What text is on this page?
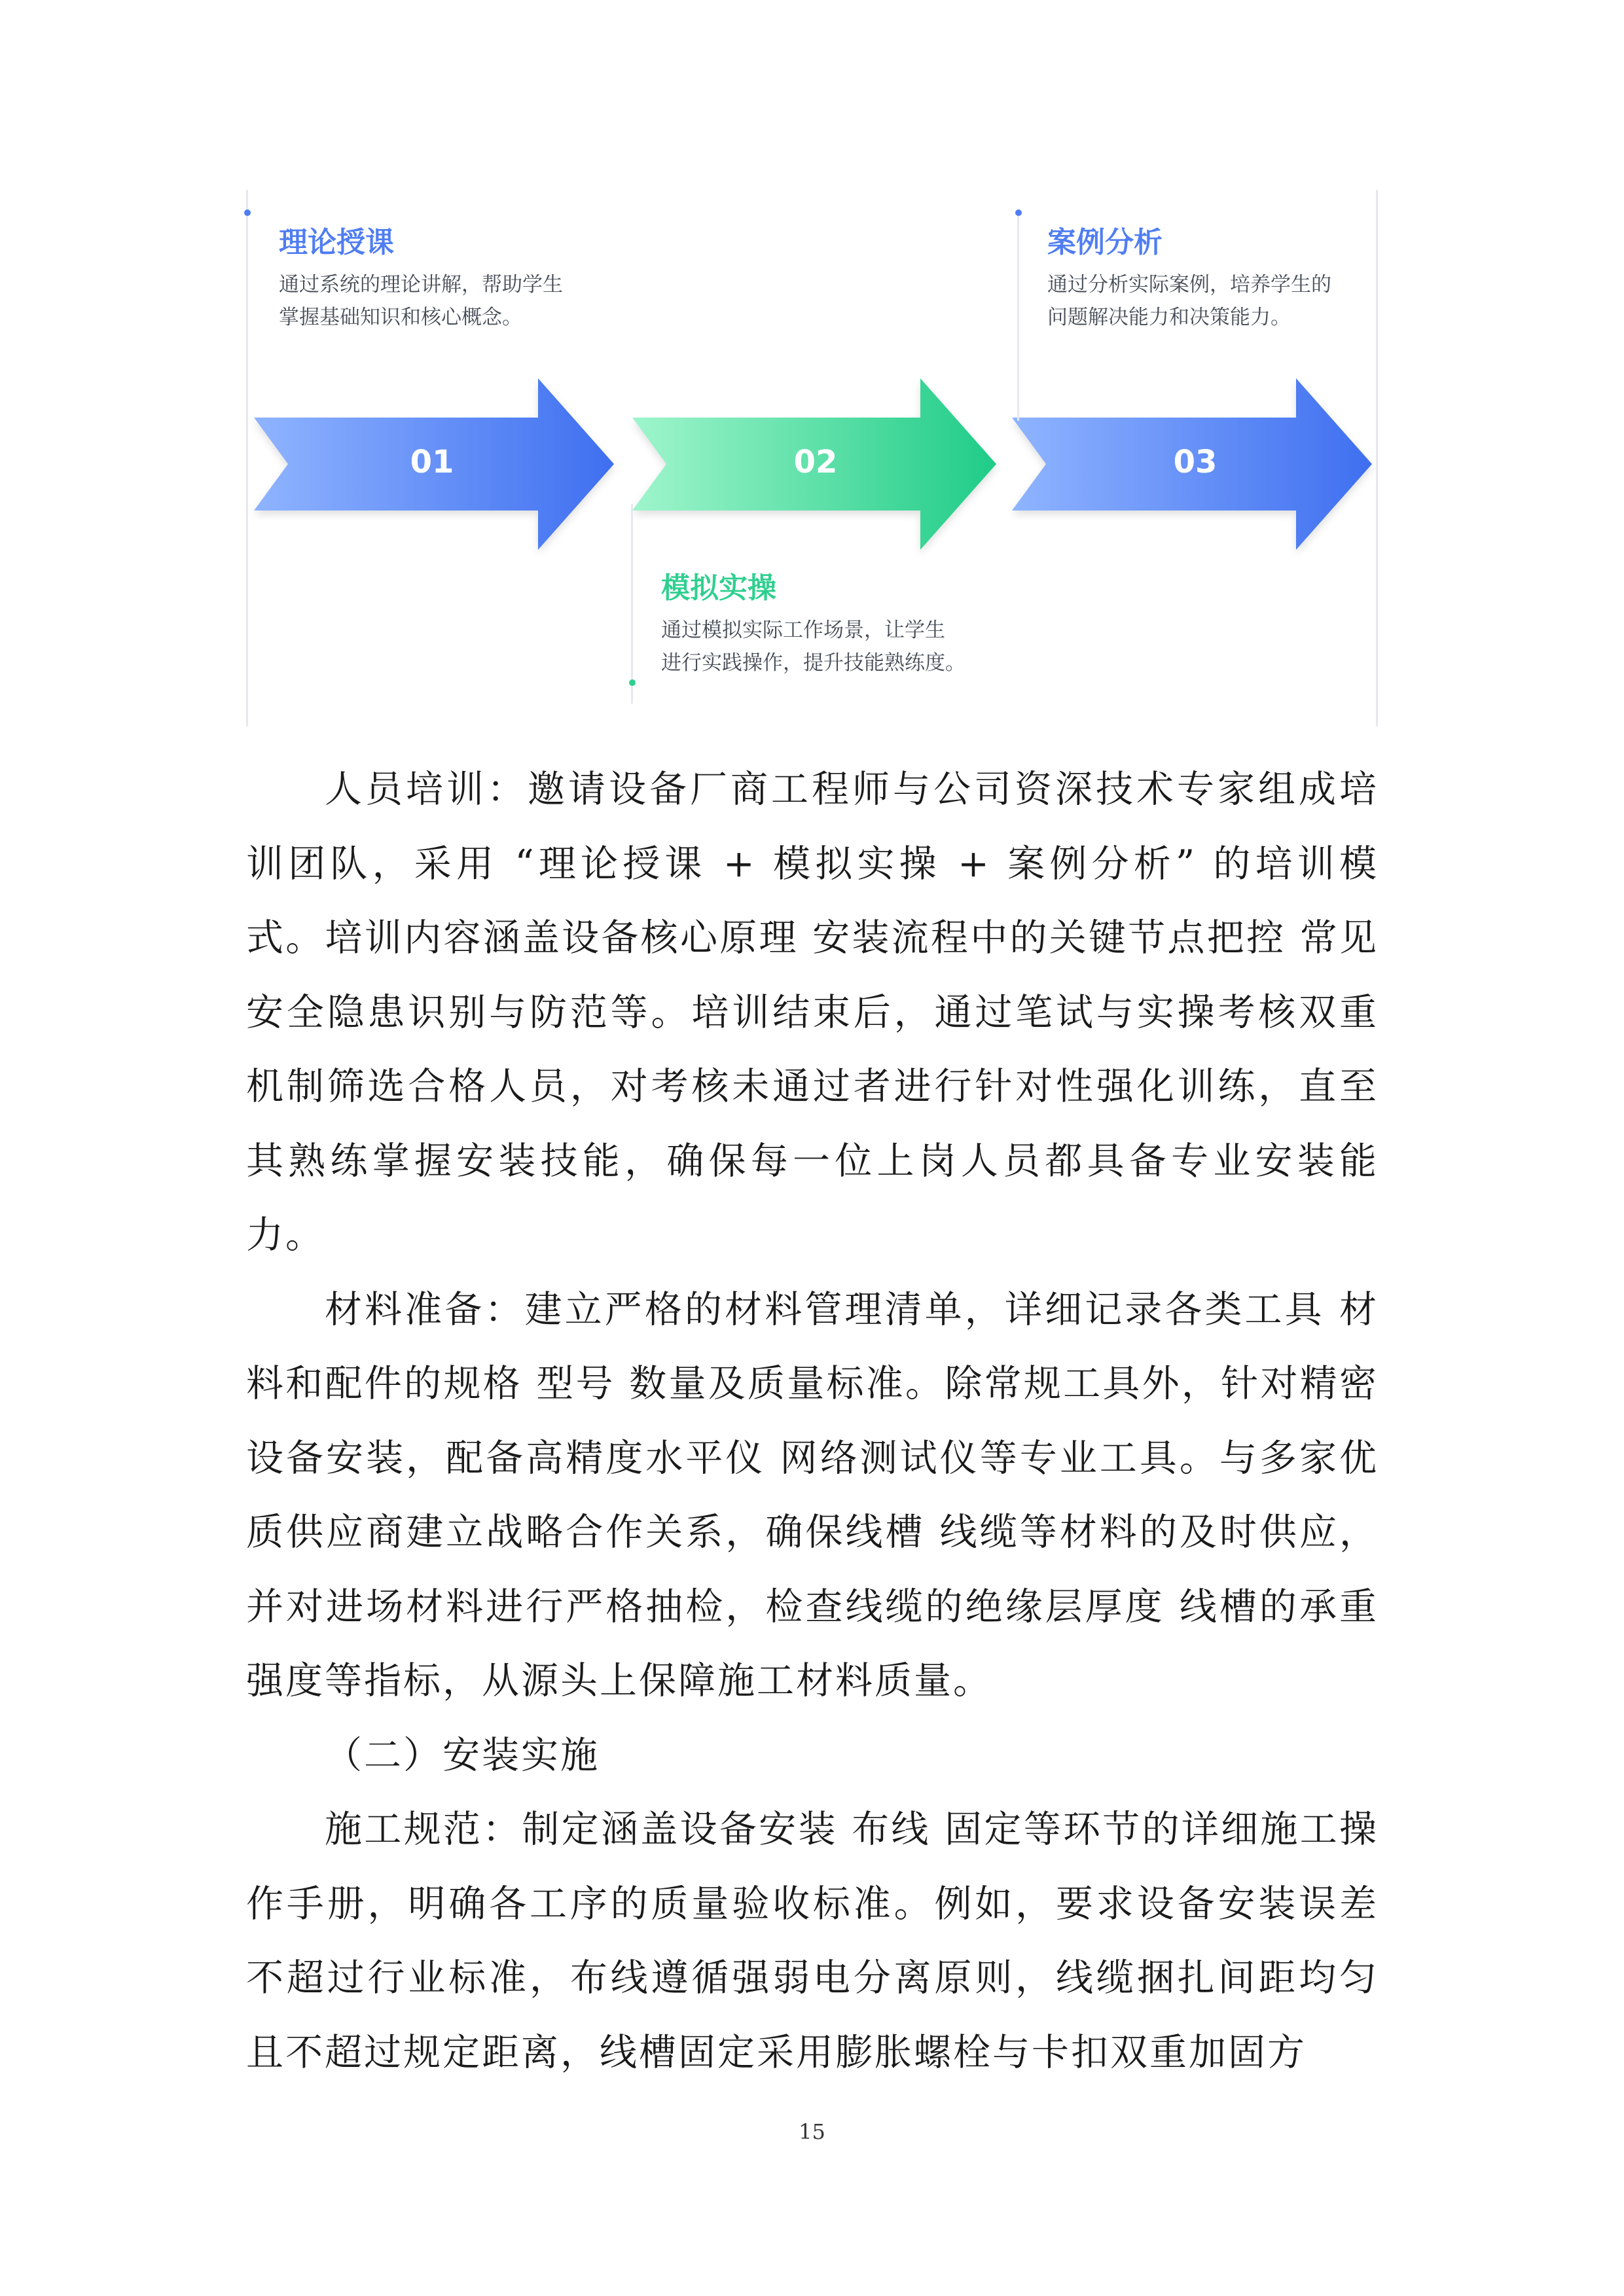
理论授课
通过系统的理论讲解，帮助学生
掌握基础知识和核心概念。
01	02
模拟实操
通过模拟实际工作场景，让学生
进行实践操作，提升技能熟练度。
案例分析
通过分析实际案例，培养学生的
问题解决能力和决策能力。
03

人员培训：邀请设备厂商工程师与公司资深技术专家组成培训团队，采用 “理论授课 + 模拟实操 + 案例分析” 的培训模式。培训内容涵盖设备核心原理 安装流程中的关键节点把控 常见安全隐患识别与防范等。培训结束后，通过笔试与实操考核双重机制筛选合格人员，对考核未通过者进行针对性强化训练，直至其熟练掌握安装技能，确保每一位上岗人员都具备专业安装能力。

材料准备：建立严格的材料管理清单，详细记录各类工具 材料和配件的规格 型号 数量及质量标准。除常规工具外，针对精密设备安装，配备高精度水平仪 网络测试仪等专业工具。与多家优质供应商建立战略合作关系，确保线槽 线缆等材料的及时供应，并对进场材料进行严格抽检，检查线缆的绝缘层厚度 线槽的承重强度等指标，从源头上保障施工材料质量。

（二）安装实施

施工规范：制定涵盖设备安装 布线 固定等环节的详细施工操作手册，明确各工序的质量验收标准。例如，要求设备安装误差不超过行业标准，布线遵循强弱电分离原则，线缆捆扎间距均匀且不超过规定距离，线槽固定采用膨胀螺栓与卡扣双重加固方

15
